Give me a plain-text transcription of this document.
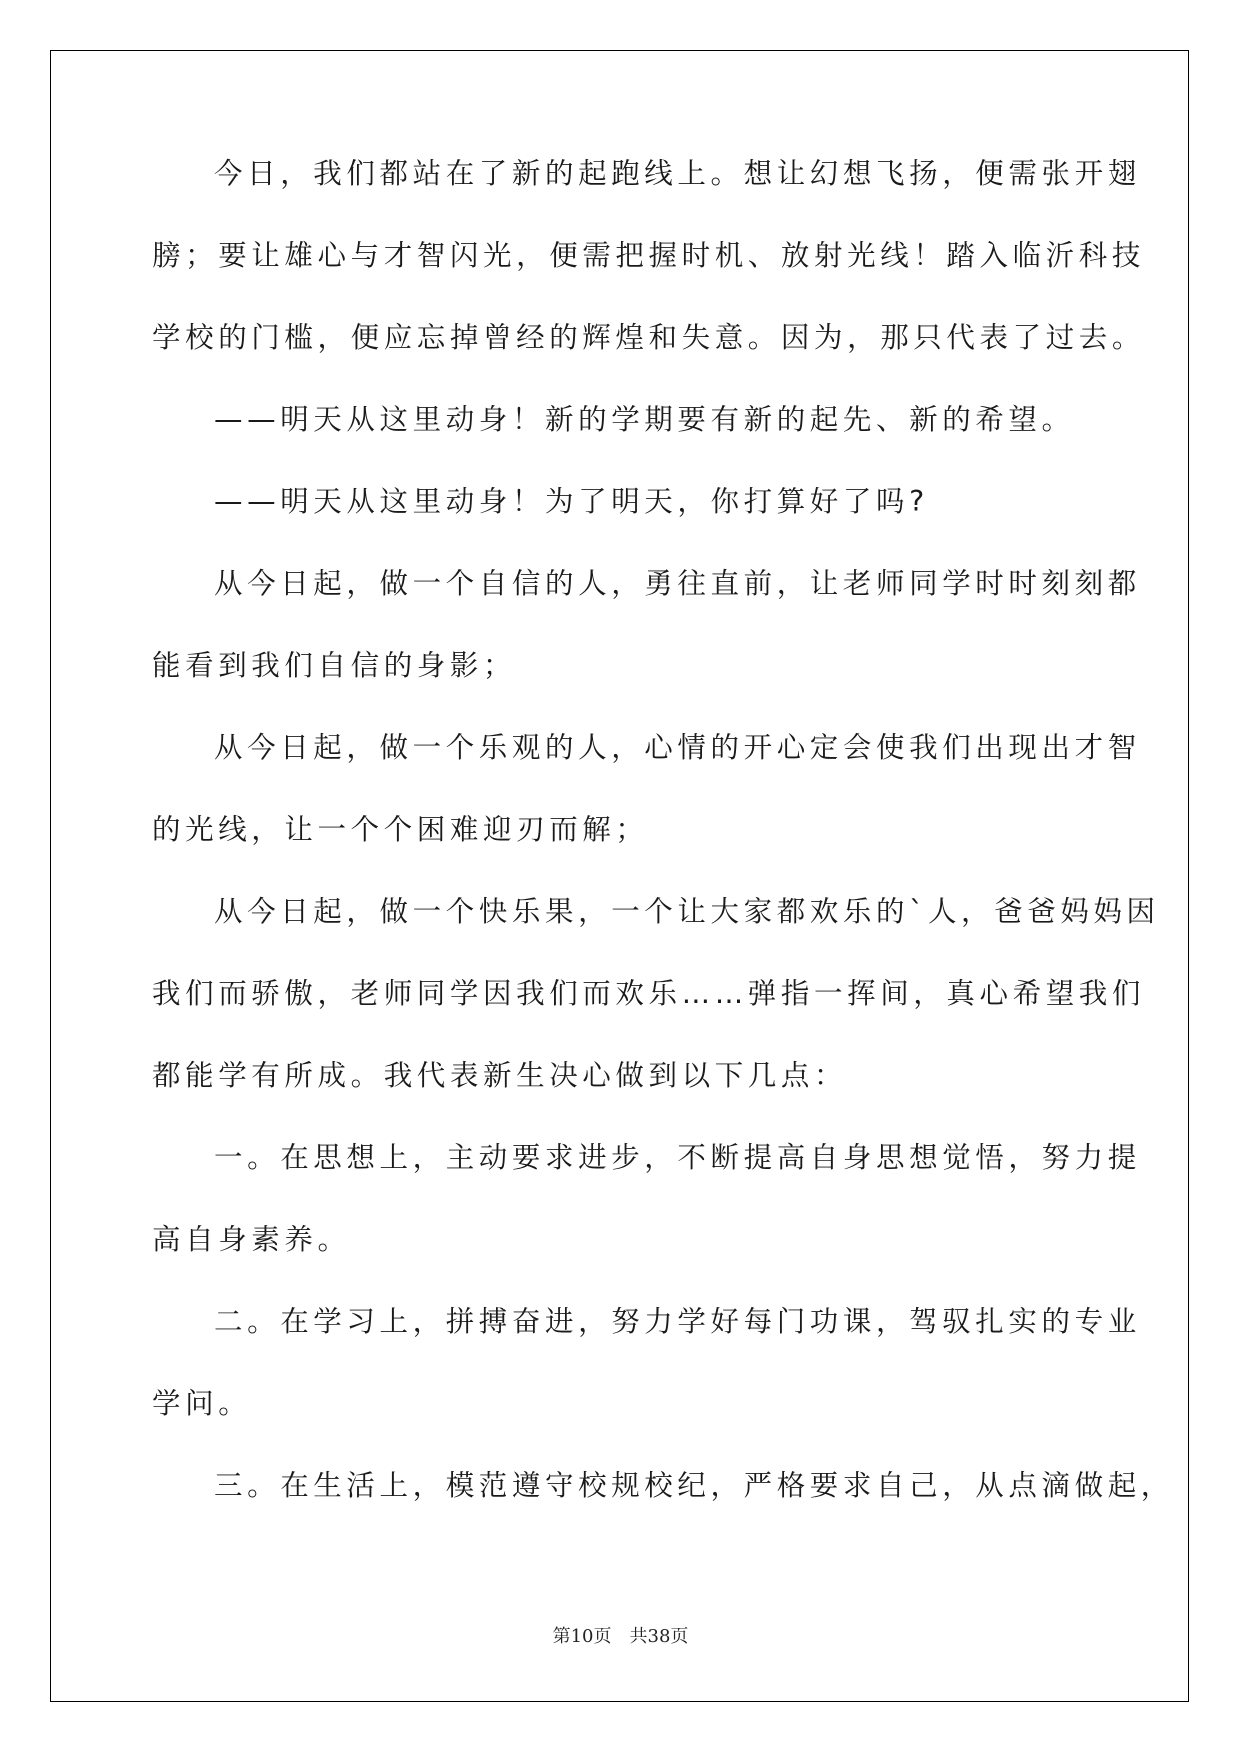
今日，我们都站在了新的起跑线上。想让幻想飞扬，便需张开翅
膀；要让雄心与才智闪光，便需把握时机、放射光线！踏入临沂科技
学校的门槛，便应忘掉曾经的辉煌和失意。因为，那只代表了过去。
——明天从这里动身！新的学期要有新的起先、新的希望。
——明天从这里动身！为了明天，你打算好了吗?
从今日起，做一个自信的人，勇往直前，让老师同学时时刻刻都
能看到我们自信的身影；
从今日起，做一个乐观的人，心情的开心定会使我们出现出才智
的光线，让一个个困难迎刃而解；
从今日起，做一个快乐果，一个让大家都欢乐的`人，爸爸妈妈因
我们而骄傲，老师同学因我们而欢乐……弹指一挥间，真心希望我们
都能学有所成。我代表新生决心做到以下几点：
一。在思想上，主动要求进步，不断提高自身思想觉悟，努力提
高自身素养。
二。在学习上，拼搏奋进，努力学好每门功课，驾驭扎实的专业
学问。
三。在生活上，模范遵守校规校纪，严格要求自己，从点滴做起，
第10页 共38页
